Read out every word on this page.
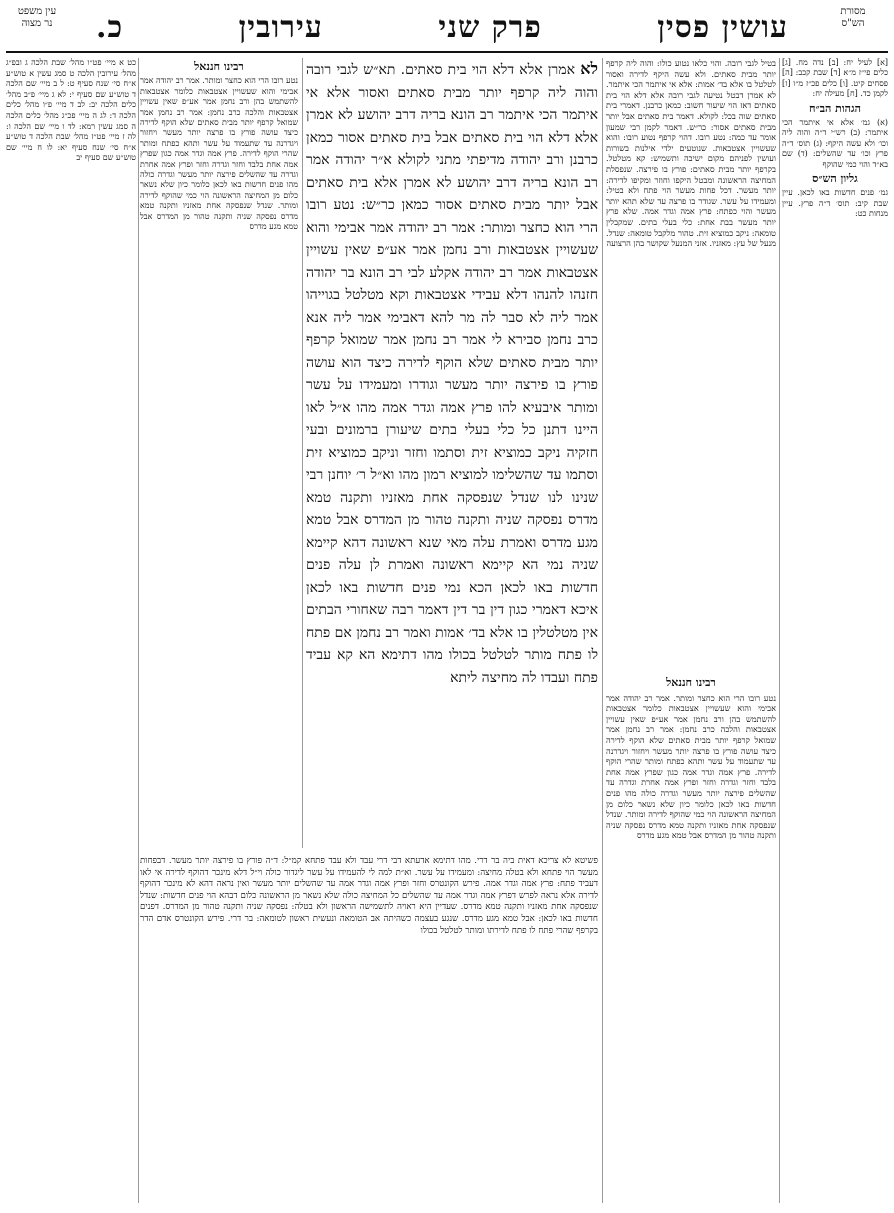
עין משפט
נר מצוה	עושין פסין
פרק שני
עירובין
כ.	מסורת
הש"ס

כט א מיי׳ פט״ו מהל׳ שבת הלכה ג ובפ״ג מהל׳ עירובין הלכה ט סמג עשין א טוש״ע א״ח סי׳ שנח סעיף ט: ל ב מיי׳ שם הלכה ד טוש״ע שם סעיף י: לא ג מיי׳ פ״ב מהל׳ כלים הלכה יב: לב ד מיי׳ פ״ו מהל׳ כלים הלכה ד: לג ה מיי׳ פכ״ג מהל׳ כלים הלכה ה סמג עשין רמא: לד ו מיי׳ שם הלכה ו: לה ז מיי׳ פט״ז מהל׳ שבת הלכה ד טוש״ע א״ח סי׳ שנח סעיף יא: לו ח מיי׳ שם טוש״ע שם סעיף יב

רבינו חננאל

נטע רובו הרי הוא כחצר ומותר. אמר רב יהודה אמר אבימי והוא שעשויין אצטבאות כלומר אצטבאות להשתמש בהן ורב נחמן אמר אע״פ שאין עשויין אצטבאות והלכה כרב נחמן: אמר רב נחמן אמר שמואל קרפף יותר מבית סאתים שלא הוקף לדירה כיצד עושה פורץ בו פרצה יותר מעשר ויחזור ויגדרנה עד שתעמוד על עשר ותהא כפתח ומותר שהרי הוקף לדירה. פרץ אמה וגדר אמה כגון שפרץ אמה אחת בלבד וחזר וגדרה וחזר ופרץ אמה אחרת וגדרה עד שהשלים פירצה יותר מעשר וגדרה כולה מהו פנים חדשות באו לכאן כלומר כיון שלא נשאר כלום מן המחיצה הראשונה הוי כמי שהוקף לדירה ומותר. שנדל שנפסקה אחת מאזניו ותקנה טמא מדרס נפסקה שניה ותקנה טהור מן המדרס אבל טמא מגע מדרס

לא אמרן אלא דלא הוי בית סאתים. תא״ש לגבי רובה והוה ליה קרפף יותר מבית סאתים ואסור אלא אי איתמר הכי איתמר רב הונא בריה דרב יהושע לא אמרן אלא דלא הוי בית סאתים אבל בית סאתים אסור כמאן כרבנן ורב יהודה מדיפתי מתני לקולא א״ר יהודה אמר רב הונא בריה דרב יהושע לא אמרן אלא בית סאתים אבל יותר מבית סאתים אסור כמאן כר״ש: נטע רובו הרי הוא כחצר ומותר: אמר רב יהודה אמר אבימי והוא שעשויין אצטבאות ורב נחמן אמר אע״פ שאין עשויין אצטבאות אמר רב יהודה אקלע לבי רב הונא בר יהודה חזנהו להנהו דלא עבידי אצטבאות וקא מטלטל בגוייהו אמר ליה לא סבר לה מר להא דאבימי אמר ליה אנא כרב נחמן סבירא לי אמר רב נחמן אמר שמואל קרפף יותר מבית סאתים שלא הוקף לדירה כיצד הוא עושה פורץ בו פירצה יותר מעשר וגודרו ומעמידו על עשר ומותר איבעיא להו פרץ אמה וגדר אמה מהו א״ל לאו היינו דתנן כל כלי בעלי בתים שיעורן ברמונים ובעי חזקיה ניקב כמוציא זית וסתמו וחזר וניקב כמוציא זית וסתמו עד שהשלימו למוציא רמון מהו וא״ל ר׳ יוחנן רבי שנינו לנו שנדל שנפסקה אחת מאזניו ותקנה טמא מדרס נפסקה שניה ותקנה טהור מן המדרס אבל טמא מגע מדרס ואמרת עלה מאי שנא ראשונה דהא קיימא שניה נמי הא קיימא ראשונה ואמרת לן עלה פנים חדשות באו לכאן הכא נמי פנים חדשות באו לכאן איכא דאמרי כגון דין בר דין דאמר רבה שאחורי הבתים אין מטלטלין בו אלא בד׳ אמות ואמר רב נחמן אם פתח לו פתח מותר לטלטל בכולו מהו דתימא הא קא עביד פתח ועבדו לה מחיצה ליתא

בטיל לגבי רובה. והוי כלאו נטוע כולו: והוה ליה קרפף יותר מבית סאתים. ולא עשה היקף לדירה ואסור לטלטל בו אלא בד׳ אמות: אלא אי איתמר הכי איתמר. לא אמרן דבטל נטיעה לגבי רובה אלא דלא הוי בית סאתים דאז הוי שיעור חשוב: כמאן כרבנן. דאמרי בית סאתים שוה בכל: לקולא. דאמר בית סאתים אבל יותר מבית סאתים אסור: כר״ש. דאמר לקמן רבי שמעון אומר עד כמה: נטע רובו. דהוי קרפף נטוע רובו: והוא שעשויין אצטבאות. שנוטעים ילדי אילנות בשורות ועושין לפניהם מקום ישיבה ותשמיש: קא מטלטל. בקרפף יותר מבית סאתים: פורץ בו פירצה. שנפסלת המחיצה הראשונה ומבטל היקפו וחוזר ומקיפו לדירה: יותר מעשר. דכל פחות מעשר הוי פתח ולא בטיל: ומעמידו על עשר. שגודר בו פרצה עד שלא תהא יותר מעשר והוי כפתח: פרץ אמה וגדר אמה. שלא פרץ יותר מעשר בבת אחת: כלי בעלי בתים. שמקבלין טומאה: ניקב כמוציא זית. טהור מלקבל טומאה: שנדל. מנעל של עץ: מאזניו. אזני המנעל שקושר בהן הרצועה

רבינו חננאל

נטע רובו הרי הוא כחצר ומותר. אמר רב יהודה אמר אבימי והוא שעשויין אצטבאות כלומר אצטבאות להשתמש בהן ורב נחמן אמר אע״פ שאין עשויין אצטבאות והלכה כרב נחמן: אמר רב נחמן אמר שמואל קרפף יותר מבית סאתים שלא הוקף לדירה כיצד עושה פורץ בו פרצה יותר מעשר ויחזור ויגדרנה עד שתעמוד על עשר ותהא כפתח ומותר שהרי הוקף לדירה. פרץ אמה וגדר אמה כגון שפרץ אמה אחת בלבד וחזר וגדרה וחזר ופרץ אמה אחרת וגדרה עד שהשלים פירצה יותר מעשר וגדרה כולה מהו פנים חדשות באו לכאן כלומר כיון שלא נשאר כלום מן המחיצה הראשונה הוי כמי שהוקף לדירה ומותר. שנדל שנפסקה אחת מאזניו ותקנה טמא מדרס נפסקה שניה ותקנה טהור מן המדרס אבל טמא מגע מדרס

[א] לעיל יח: [ב] נדה מח. [ג] כלים פי״ז מ״א [ד] שבת קכב: [ה] פסחים קיט. [ו] כלים פכ״ז מ״ו [ז] לקמן כד. [ח] מעילה יח:

הגהות הב״ח

(א) גמ׳ אלא אי איתמר הכי איתמר: (ב) רש״י ד״ה והוה ליה וכו׳ ולא עשה היקף: (ג) תוס׳ ד״ה פרץ וכו׳ עד שהשלים: (ד) שם בא״ד והוי כמי שהוקף

גליון הש״ס

גמ׳ פנים חדשות באו לכאן. עיין שבת קיב: תוס׳ ד״ה פרץ. עיין מנחות כט:

פשיטא לא צריכא דאית ביה בר דרי. מהו דתימא אדעתא דבי דרי עבד ולא עבד פתחא קמ״ל: ד״ה פורץ בו פירצה יותר מעשר. דבפחות מעשר הוי פתחא ולא בטלה מחיצה: ומעמידו על עשר. וא״ת למה לי להעמידו על עשר ליגדור כולה וי״ל דלא מינכר דהוקף לדירה אי לאו דעביד פתח: פרץ אמה וגדר אמה. פירש הקונטרס וחזר ופרץ אמה וגדר אמה עד שהשלים יותר מעשר ואין נראה דהא לא מינכר דהוקף לדירה אלא נראה לפרש דפרץ אמה וגדר אמה עד שהשלים כל המחיצה כולה שלא נשאר מן הראשונה כלום דבהא הוי פנים חדשות: שנדל שנפסקה אחת מאזניו ותקנה טמא מדרס. שעדיין היא ראויה לתשמישה הראשון ולא בטלה: נפסקה שניה ותקנה טהור מן המדרס. דפנים חדשות באו לכאן: אבל טמא מגע מדרס. שנגע בעצמה כשהיתה אב הטומאה ונעשית ראשון לטומאה: בר דרי. פירש הקונטרס אדם הדר בקרפף שהרי פתח לו פתח לדירתו ומותר לטלטל בכולו
